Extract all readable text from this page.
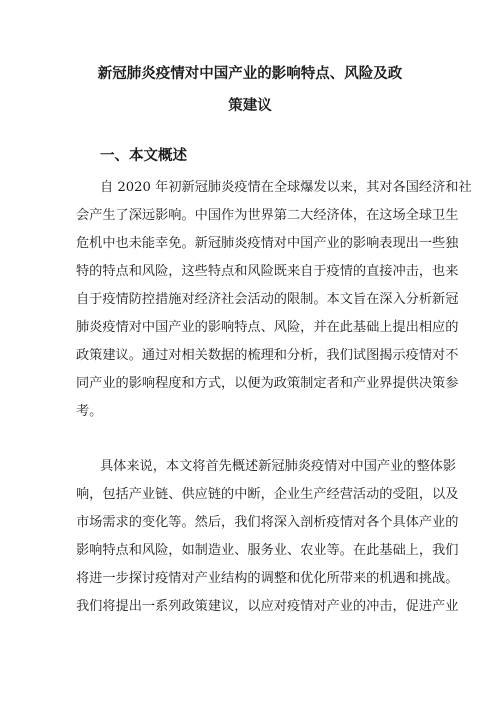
新冠肺炎疫情对中国产业的影响特点、风险及政
策建议
一、本文概述
自 2020 年初新冠肺炎疫情在全球爆发以来，其对各国经济和社
会产生了深远影响。中国作为世界第二大经济体，在这场全球卫生
危机中也未能幸免。新冠肺炎疫情对中国产业的影响表现出一些独
特的特点和风险，这些特点和风险既来自于疫情的直接冲击，也来
自于疫情防控措施对经济社会活动的限制。本文旨在深入分析新冠
肺炎疫情对中国产业的影响特点、风险，并在此基础上提出相应的
政策建议。通过对相关数据的梳理和分析，我们试图揭示疫情对不
同产业的影响程度和方式，以便为政策制定者和产业界提供决策参
考。
具体来说，本文将首先概述新冠肺炎疫情对中国产业的整体影
响，包括产业链、供应链的中断，企业生产经营活动的受阻，以及
市场需求的变化等。然后，我们将深入剖析疫情对各个具体产业的
影响特点和风险，如制造业、服务业、农业等。在此基础上，我们
将进一步探讨疫情对产业结构的调整和优化所带来的机遇和挑战。
我们将提出一系列政策建议，以应对疫情对产业的冲击，促进产业
